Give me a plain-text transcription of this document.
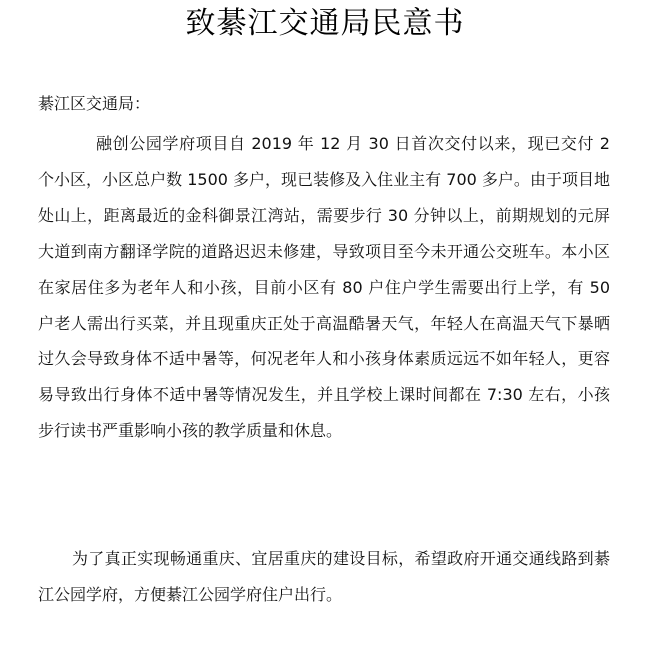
致綦江交通局民意书
綦江区交通局：
融创公园学府项目自 2019 年 12 月 30 日首次交付以来，现已交付 2 个小区，小区总户数 1500 多户，现已装修及入住业主有 700 多户。由于项目地处山上，距离最近的金科御景江湾站，需要步行 30 分钟以上，前期规划的元屏大道到南方翻译学院的道路迟迟未修建，导致项目至今未开通公交班车。本小区在家居住多为老年人和小孩，目前小区有 80 户住户学生需要出行上学，有 50 户老人需出行买菜，并且现重庆正处于高温酷暑天气，年轻人在高温天气下暴晒过久会导致身体不适中暑等，何况老年人和小孩身体素质远远不如年轻人，更容易导致出行身体不适中暑等情况发生，并且学校上课时间都在 7:30 左右，小孩步行读书严重影响小孩的教学质量和休息。
为了真正实现畅通重庆、宜居重庆的建设目标，希望政府开通交通线路到綦江公园学府，方便綦江公园学府住户出行。
